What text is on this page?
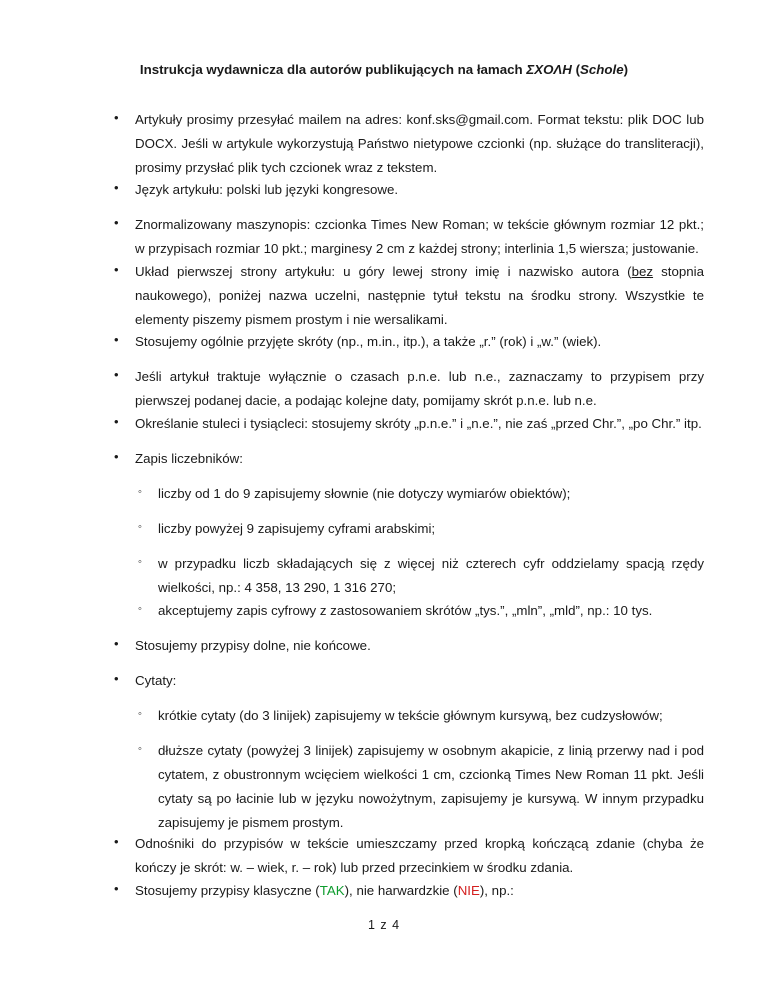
Instrukcja wydawnicza dla autorów publikujących na łamach ΣΧΟΛΗ (Schole)
• Artykuły prosimy przesyłać mailem na adres: konf.sks@gmail.com. Format tekstu: plik DOC lub DOCX. Jeśli w artykule wykorzystują Państwo nietypowe czcionki (np. służące do transliteracji), prosimy przysłać plik tych czcionek wraz z tekstem.
• Język artykułu: polski lub języki kongresowe.
• Znormalizowany maszynopis: czcionka Times New Roman; w tekście głównym rozmiar 12 pkt.; w przypisach rozmiar 10 pkt.; marginesy 2 cm z każdej strony; interlinia 1,5 wiersza; justowanie.
• Układ pierwszej strony artykułu: u góry lewej strony imię i nazwisko autora (bez stopnia naukowego), poniżej nazwa uczelni, następnie tytuł tekstu na środku strony. Wszystkie te elementy piszemy pismem prostym i nie wersalikami.
• Stosujemy ogólnie przyjęte skróty (np., m.in., itp.), a także „r.” (rok) i „w.” (wiek).
• Jeśli artykuł traktuje wyłącznie o czasach p.n.e. lub n.e., zaznaczamy to przypisem przy pierwszej podanej dacie, a podając kolejne daty, pomijamy skrót p.n.e. lub n.e.
• Określanie stuleci i tysiącleci: stosujemy skróty „p.n.e.” i „n.e.”, nie zaś „przed Chr.”, „po Chr.” itp.
• Zapis liczebników:
◦ liczby od 1 do 9 zapisujemy słownie (nie dotyczy wymiarów obiektów);
◦ liczby powyżej 9 zapisujemy cyframi arabskimi;
◦ w przypadku liczb składających się z więcej niż czterech cyfr oddzielamy spacją rzędy wielkości, np.: 4 358, 13 290, 1 316 270;
◦ akceptujemy zapis cyfrowy z zastosowaniem skrótów „tys.”, „mln”, „mld”, np.: 10 tys.
• Stosujemy przypisy dolne, nie końcowe.
• Cytaty:
◦ krótkie cytaty (do 3 linijek) zapisujemy w tekście głównym kursywą, bez cudzysłowów;
◦ dłuższe cytaty (powyżej 3 linijek) zapisujemy w osobnym akapicie, z linią przerwy nad i pod cytatem, z obustronnym wcięciem wielkości 1 cm, czcionką Times New Roman 11 pkt. Jeśli cytaty są po łacinie lub w języku nowożytnym, zapisujemy je kursywą. W innym przypadku zapisujemy je pismem prostym.
• Odnośniki do przypisów w tekście umieszczamy przed kropką kończącą zdanie (chyba że kończy je skrót: w. – wiek, r. – rok) lub przed przecinkiem w środku zdania.
• Stosujemy przypisy klasyczne (TAK), nie harwardzkie (NIE), np.:
1 z 4
